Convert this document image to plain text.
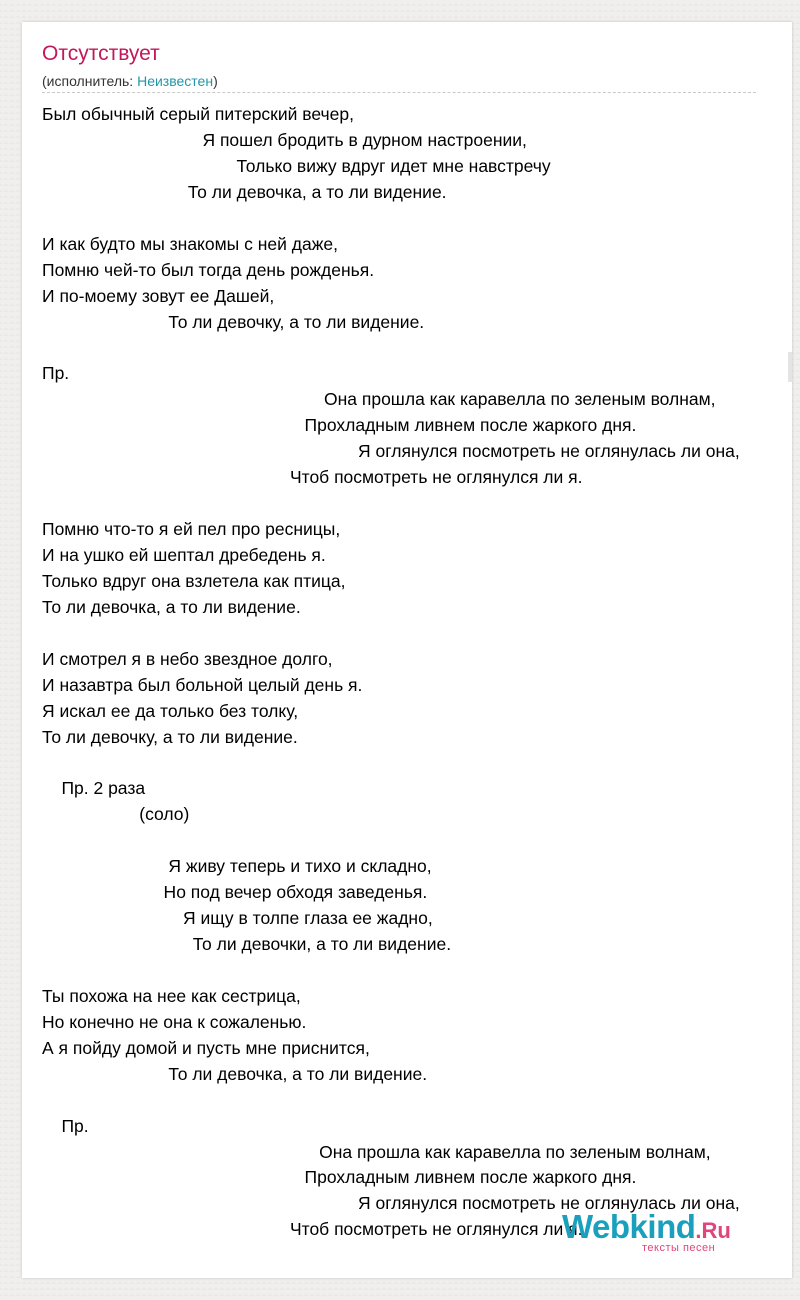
Отсутствует
(исполнитель: Неизвестен)
Был обычный серый питерский вечер,
Я пошел бродить в дурном настроении,
Только вижу вдруг идет мне навстречу
То ли девочка, а то ли видение.
И как будто мы знакомы с ней даже,
Помню чей-то был тогда день рожденья.
И по-моему зовут ее Дашей,
То ли девочку, а то ли видение.
Пр.
Она прошла как каравелла по зеленым волнам,
Прохладным ливнем после жаркого дня.
Я оглянулся посмотреть не оглянулась ли она,
Чтоб посмотреть не оглянулся ли я.
Помню что-то я ей пел про ресницы,
И на ушко ей шептал дребедень я.
Только вдруг она взлетела как птица,
То ли девочка, а то ли видение.
И смотрел я в небо звездное долго,
И назавтра был больной целый день я.
Я искал ее да только без толку,
То ли девочку, а то ли видение.
Пр. 2 раза
(соло)
Я живу теперь и тихо и складно,
Но под вечер обходя заведенья.
Я ищу в толпе глаза ее жадно,
То ли девочки, а то ли видение.
Ты похожа на нее как сестрица,
Но конечно не она к сожаленью.
А я пойду домой и пусть мне приснится,
То ли девочка, а то ли видение.
Пр.
Она прошла как каравелла по зеленым волнам,
Прохладным ливнем после жаркого дня.
Я оглянулся посмотреть не оглянулась ли она,
Чтоб посмотреть не оглянулся ли я.
Webkind.Ru
тексты песен
